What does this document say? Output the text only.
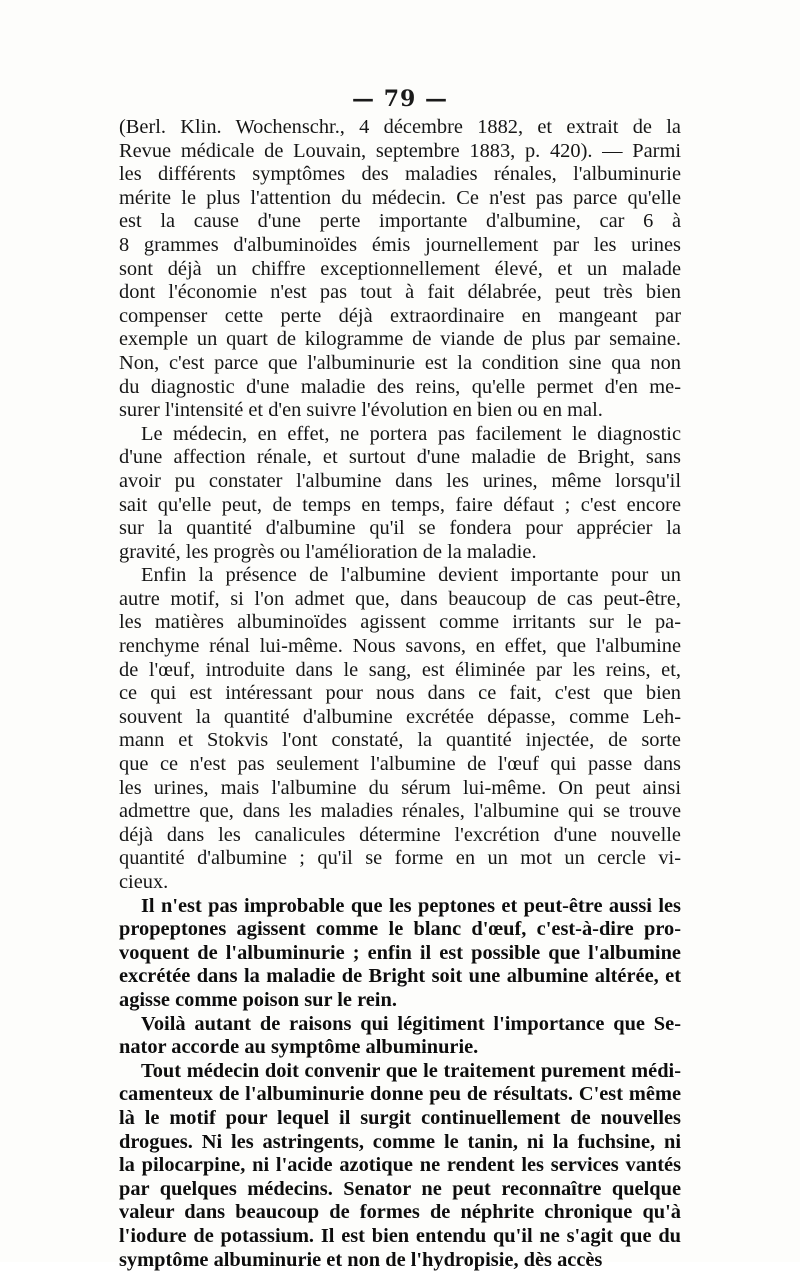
— 79 —
(Berl. Klin. Wochenschr., 4 décembre 1882, et extrait de la
Revue médicale de Louvain, septembre 1883, p. 420). — Parmi
les différents symptômes des maladies rénales, l'albuminurie
mérite le plus l'attention du médecin. Ce n'est pas parce qu'elle
est la cause d'une perte importante d'albumine, car 6 à
8 grammes d'albuminoïdes émis journellement par les urines
sont déjà un chiffre exceptionnellement élevé, et un malade
dont l'économie n'est pas tout à fait délabrée, peut très bien
compenser cette perte déjà extraordinaire en mangeant par
exemple un quart de kilogramme de viande de plus par semaine.
Non, c'est parce que l'albuminurie est la condition sine qua non
du diagnostic d'une maladie des reins, qu'elle permet d'en me-
surer l'intensité et d'en suivre l'évolution en bien ou en mal.
Le médecin, en effet, ne portera pas facilement le diagnostic
d'une affection rénale, et surtout d'une maladie de Bright, sans
avoir pu constater l'albumine dans les urines, même lorsqu'il
sait qu'elle peut, de temps en temps, faire défaut ; c'est encore
sur la quantité d'albumine qu'il se fondera pour apprécier la
gravité, les progrès ou l'amélioration de la maladie.
Enfin la présence de l'albumine devient importante pour un
autre motif, si l'on admet que, dans beaucoup de cas peut-être,
les matières albuminoïdes agissent comme irritants sur le pa-
renchyme rénal lui-même. Nous savons, en effet, que l'albumine
de l'œuf, introduite dans le sang, est éliminée par les reins, et,
ce qui est intéressant pour nous dans ce fait, c'est que bien
souvent la quantité d'albumine excrétée dépasse, comme Leh-
mann et Stokvis l'ont constaté, la quantité injectée, de sorte
que ce n'est pas seulement l'albumine de l'œuf qui passe dans
les urines, mais l'albumine du sérum lui-même. On peut ainsi
admettre que, dans les maladies rénales, l'albumine qui se trouve
déjà dans les canalicules détermine l'excrétion d'une nouvelle
quantité d'albumine ; qu'il se forme en un mot un cercle vi-
cieux.
Il n'est pas improbable que les peptones et peut-être aussi les
propeptones agissent comme le blanc d'œuf, c'est-à-dire pro-
voquent de l'albuminurie ; enfin il est possible que l'albumine
excrétée dans la maladie de Bright soit une albumine altérée, et
agisse comme poison sur le rein.
Voilà autant de raisons qui légitiment l'importance que Se-
nator accorde au symptôme albuminurie.
Tout médecin doit convenir que le traitement purement médi-
camenteux de l'albuminurie donne peu de résultats. C'est même
là le motif pour lequel il surgit continuellement de nouvelles
drogues. Ni les astringents, comme le tanin, ni la fuchsine, ni
la pilocarpine, ni l'acide azotique ne rendent les services vantés
par quelques médecins. Senator ne peut reconnaître quelque
valeur dans beaucoup de formes de néphrite chronique qu'à
l'iodure de potassium. Il est bien entendu qu'il ne s'agit que du
symptôme albuminurie et non de l'hydropisie, dès accès
